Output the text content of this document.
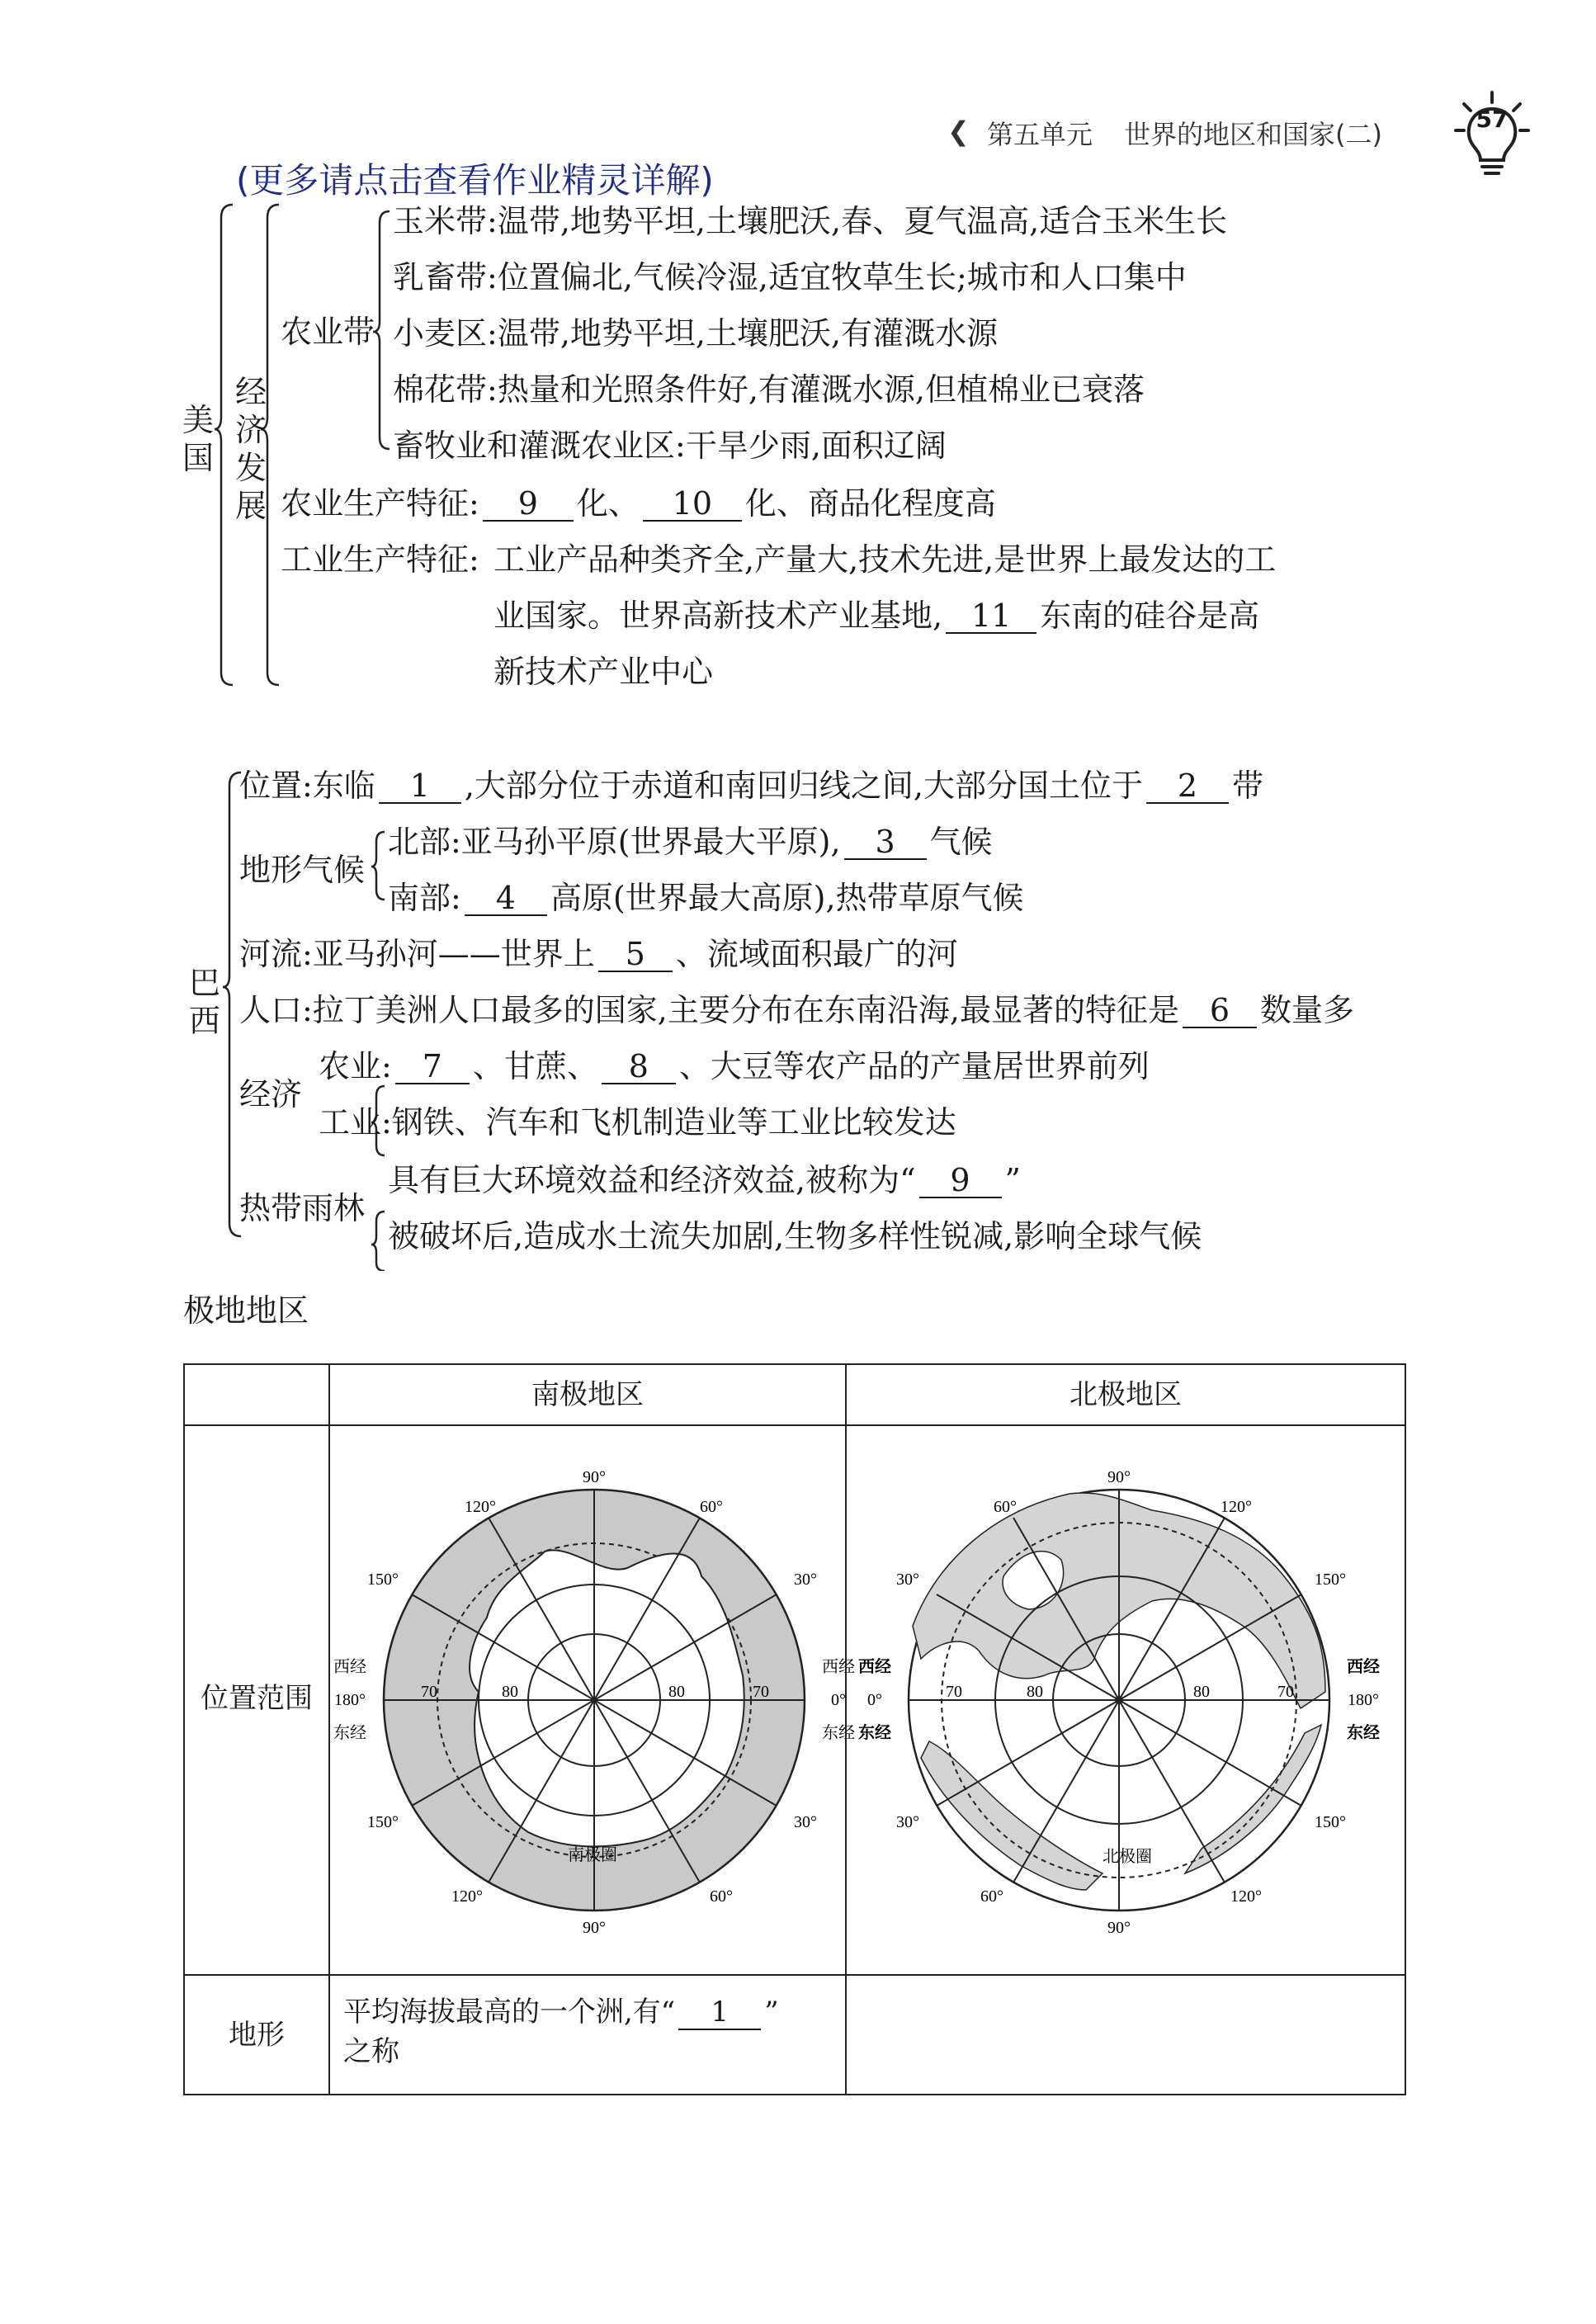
❮ 第五单元 世界的地区和国家(二)	57
(更多请点击查看作业精灵详解)
美国
经济发展
农业带
玉米带:温带,地势平坦,土壤肥沃,春、夏气温高,适合玉米生长
乳畜带:位置偏北,气候冷湿,适宜牧草生长;城市和人口集中
小麦区:温带,地势平坦,土壤肥沃,有灌溉水源
棉花带:热量和光照条件好,有灌溉水源,但植棉业已衰落
畜牧业和灌溉农业区:干旱少雨,面积辽阔
农业生产特征: 9 化、 10 化、商品化程度高
工业生产特征: 工业产品种类齐全,产量大,技术先进,是世界上最发达的工
业国家。世界高新技术产业基地, 11 东南的硅谷是高
新技术产业中心
巴西
位置:东临 1 ,大部分位于赤道和南回归线之间,大部分国土位于 2 带
地形气候
北部:亚马孙平原(世界最大平原), 3 气候
南部: 4 高原(世界最大高原),热带草原气候
河流:亚马孙河——世界上 5 、流域面积最广的河
人口:拉丁美洲人口最多的国家,主要分布在东南沿海,最显著的特征是 6 数量多
经济
农业: 7 、甘蔗、 8 、大豆等农产品的产量居世界前列
工业:钢铁、汽车和飞机制造业等工业比较发达
热带雨林
具有巨大环境效益和经济效益,被称为“ 9 ”
被破坏后,造成水土流失加剧,生物多样性锐减,影响全球气候
极地地区
南极地区	北极地区
位置范围
地形
平均海拔最高的一个洲,有“ 1 ”
之称
90°
90°
120°	60°
150°	30°
150°	30°
120°	60°
西经
180°
东经
西经
0°
东经
70	80	80	70
南极圈
90°
90°
60°	120°
30°	150°
30°	150°
60°	120°
西经
0°
东经
西经
180°
东经
70	80	80	70
北极圈
